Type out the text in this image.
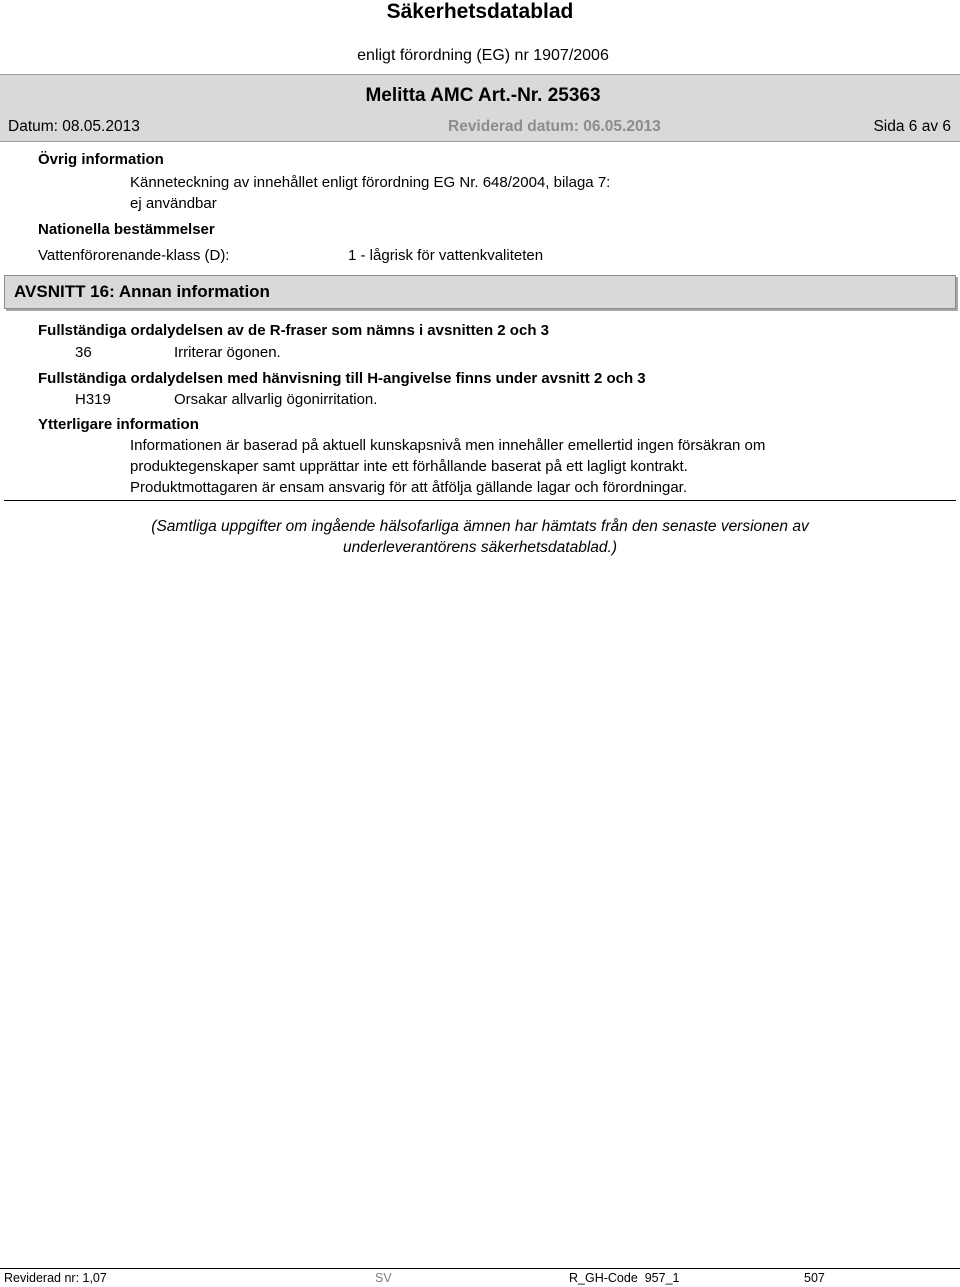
Säkerhetsdatablad
enligt förordning (EG) nr 1907/2006
Melitta AMC Art.-Nr. 25363
Datum: 08.05.2013	Reviderad datum: 06.05.2013	Sida 6 av 6
Övrig information
Känneteckning av innehållet enligt förordning EG Nr. 648/2004, bilaga 7:
ej användbar
Nationella bestämmelser
Vattenförorenande-klass (D):	1 - lågrisk för vattenkvaliteten
AVSNITT 16: Annan information
Fullständiga ordalydelsen av de R-fraser som nämns i avsnitten 2 och 3
36	Irriterar ögonen.
Fullständiga ordalydelsen med hänvisning till H-angivelse finns under avsnitt 2 och 3
H319	Orsakar allvarlig ögonirritation.
Ytterligare information
Informationen är baserad på aktuell kunskapsnivå men innehåller emellertid ingen försäkran om
produktegenskaper samt upprättar inte ett förhållande baserat på ett lagligt kontrakt.
Produktmottagaren är ensam ansvarig för att åtfölja gällande lagar och förordningar.
(Samtliga uppgifter om ingående hälsofarliga ämnen har hämtats från den senaste versionen av
underleverantörens säkerhetsdatablad.)
Reviderad nr: 1,07	SV	R_GH-Code  957_1	507
